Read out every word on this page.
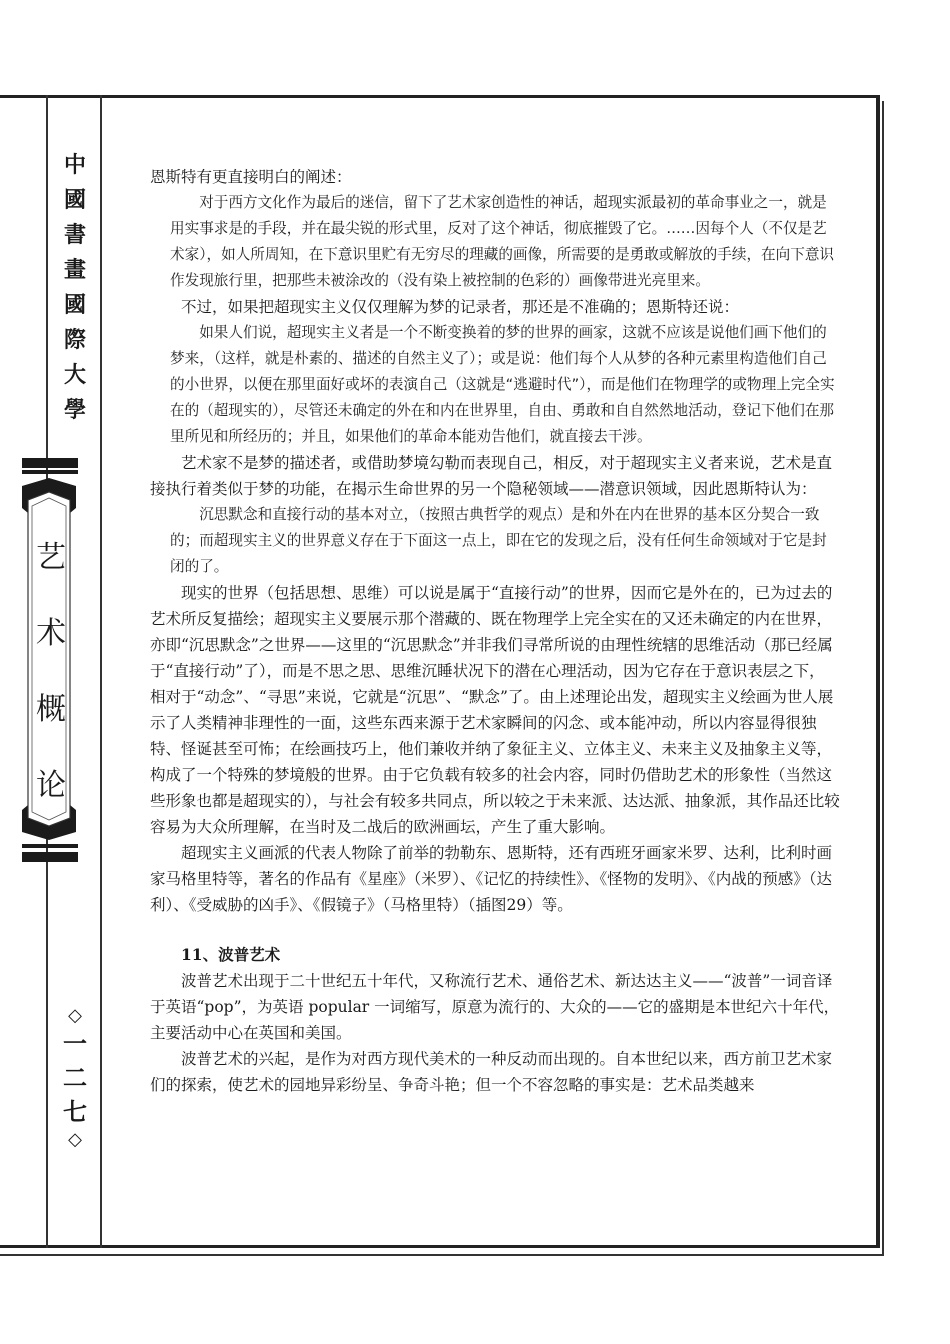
中
國
書
畫
國
際
大
學
艺
术
概
论
◇
一
二
七
◇

恩斯特有更直接明白的阐述：

对于西方文化作为最后的迷信，留下了艺术家创造性的神话，超现实派最初的革命事业之一，就是用实事求是的手段，并在最尖锐的形式里，反对了这个神话，彻底摧毁了它。……因每个人（不仅是艺术家），如人所周知，在下意识里贮有无穷尽的理藏的画像，所需要的是勇敢或解放的手续，在向下意识作发现旅行里，把那些未被涂改的（没有染上被控制的色彩的）画像带进光亮里来。

不过，如果把超现实主义仅仅理解为梦的记录者，那还是不准确的；恩斯特还说：

如果人们说，超现实主义者是一个不断变换着的梦的世界的画家，这就不应该是说他们画下他们的梦来，（这样，就是朴素的、描述的自然主义了）；或是说：他们每个人从梦的各种元素里构造他们自己的小世界，以便在那里面好或坏的表演自己（这就是“逃避时代”），而是他们在物理学的或物理上完全实在的（超现实的），尽管还未确定的外在和内在世界里，自由、勇敢和自自然然地活动，登记下他们在那里所见和所经历的；并且，如果他们的革命本能劝告他们，就直接去干涉。

艺术家不是梦的描述者，或借助梦境勾勒而表现自己，相反，对于超现实主义者来说，艺术是直接执行着类似于梦的功能，在揭示生命世界的另一个隐秘领域——潜意识领域，因此恩斯特认为：

沉思默念和直接行动的基本对立，（按照古典哲学的观点）是和外在内在世界的基本区分契合一致的；而超现实主义的世界意义存在于下面这一点上，即在它的发现之后，没有任何生命领域对于它是封闭的了。

现实的世界（包括思想、思维）可以说是属于“直接行动”的世界，因而它是外在的，已为过去的艺术所反复描绘；超现实主义要展示那个潜藏的、既在物理学上完全实在的又还未确定的内在世界，亦即“沉思默念”之世界——这里的“沉思默念”并非我们寻常所说的由理性统辖的思维活动（那已经属于“直接行动”了），而是不思之思、思维沉睡状况下的潜在心理活动，因为它存在于意识表层之下，相对于“动念”、“寻思”来说，它就是“沉思”、“默念”了。由上述理论出发，超现实主义绘画为世人展示了人类精神非理性的一面，这些东西来源于艺术家瞬间的闪念、或本能冲动，所以内容显得很独特、怪诞甚至可怖；在绘画技巧上，他们兼收并纳了象征主义、立体主义、未来主义及抽象主义等，构成了一个特殊的梦境般的世界。由于它负载有较多的社会内容，同时仍借助艺术的形象性（当然这些形象也都是超现实的），与社会有较多共同点，所以较之于未来派、达达派、抽象派，其作品还比较容易为大众所理解，在当时及二战后的欧洲画坛，产生了重大影响。

超现实主义画派的代表人物除了前举的勃勒东、恩斯特，还有西班牙画家米罗、达利，比利时画家马格里特等，著名的作品有《星座》（米罗）、《记忆的持续性》、《怪物的发明》、《内战的预感》（达利）、《受威胁的凶手》、《假镜子》（马格里特）（插图29）等。

11、波普艺术

波普艺术出现于二十世纪五十年代，又称流行艺术、通俗艺术、新达达主义——“波普”一词音译于英语“pop”，为英语 popular 一词缩写，原意为流行的、大众的——它的盛期是本世纪六十年代，主要活动中心在英国和美国。

波普艺术的兴起，是作为对西方现代美术的一种反动而出现的。自本世纪以来，西方前卫艺术家们的探索，使艺术的园地异彩纷呈、争奇斗艳；但一个不容忽略的事实是：艺术品类越来
